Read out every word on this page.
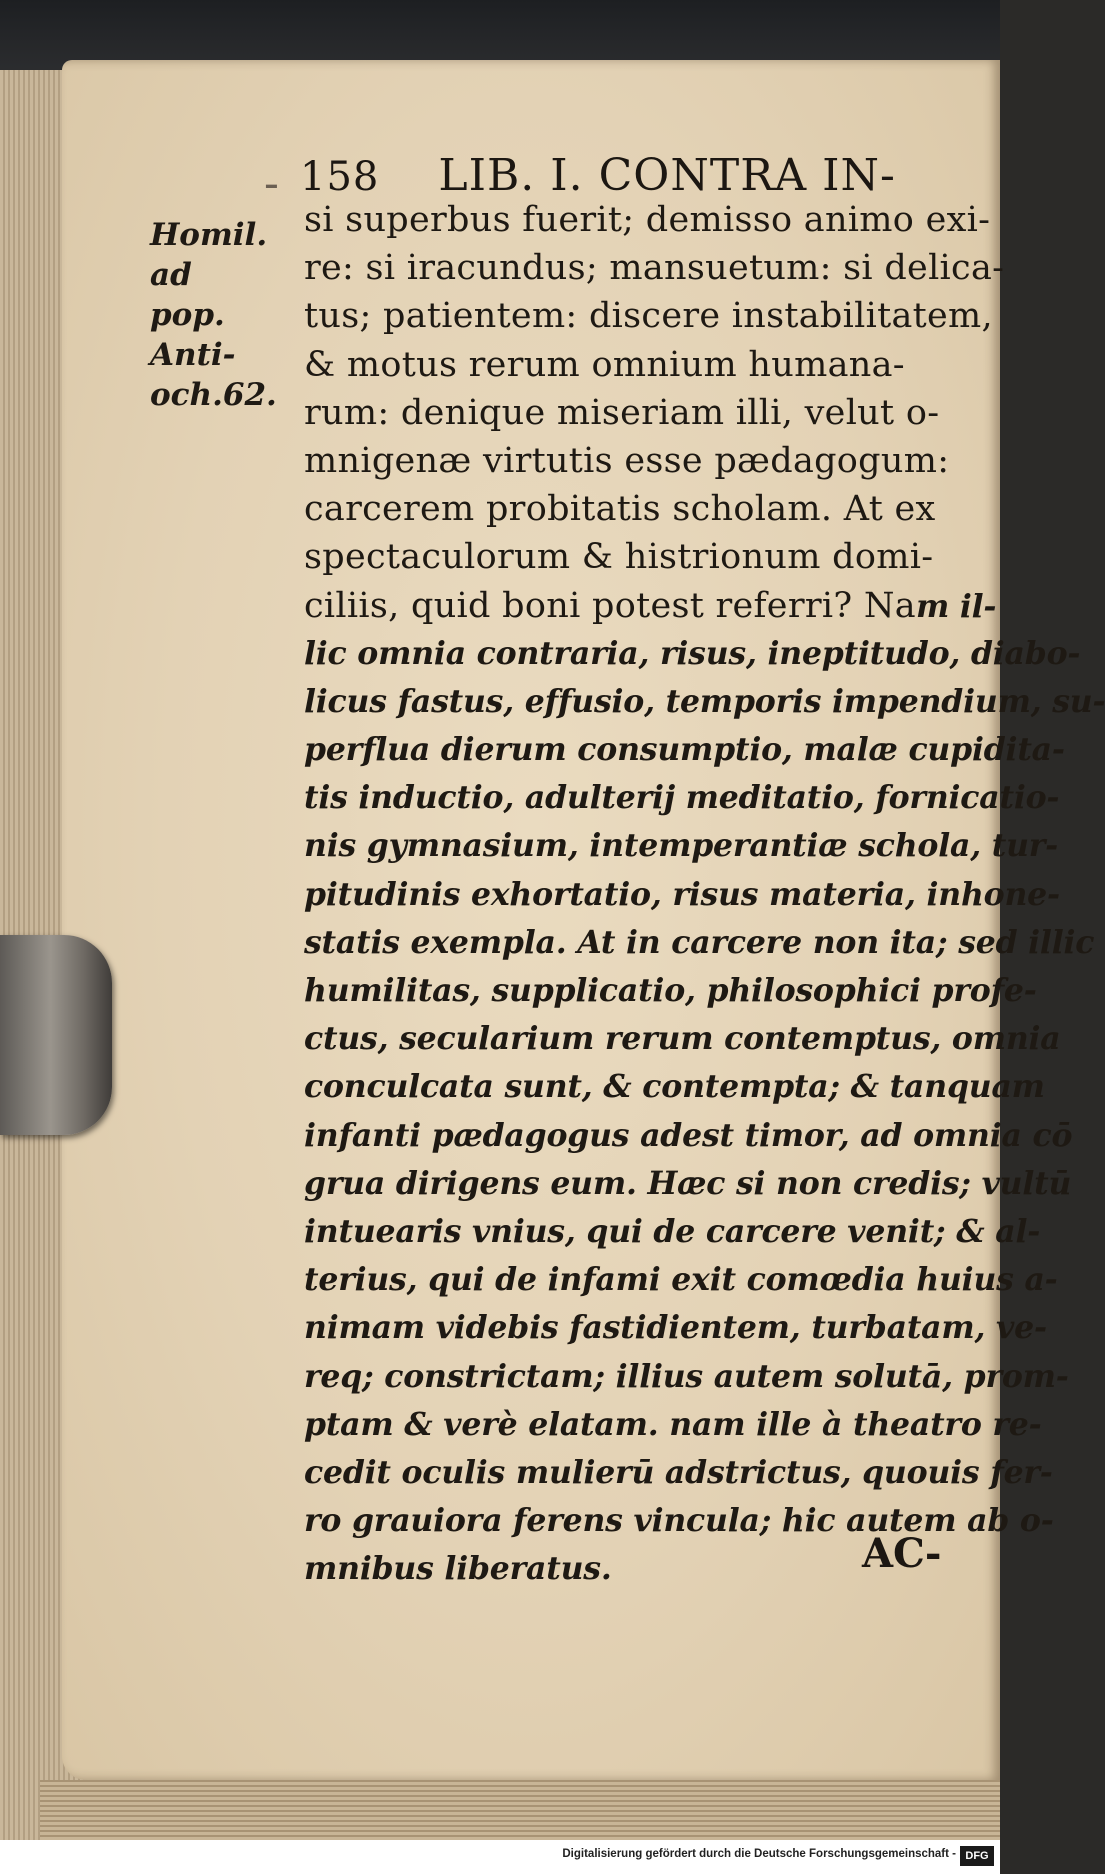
- 158 LIB. I. CONTRA IN-
Homil. ad
pop. Anti-
och.62.
si superbus fuerit; demisso animo exi-
re: si iracundus; mansuetum: si delica-
tus; patientem: discere instabilitatem,
& motus rerum omnium humana-
rum: denique miseriam illi, velut o-
mnigenæ virtutis esse pædagogum:
carcerem probitatis scholam. At ex
spectaculorum & histrionum domi-
ciliis, quid boni potest referri? Nam il-
lic omnia contraria, risus, ineptitudo, diabo-
licus fastus, effusio, temporis impendium, su-
perflua dierum consumptio, malæ cupidita-
tis inductio, adulterij meditatio, fornicatio-
nis gymnasium, intemperantiæ schola, tur-
pitudinis exhortatio, risus materia, inhone-
statis exempla. At in carcere non ita; sed illic
humilitas, supplicatio, philosophici profe-
ctus, secularium rerum contemptus, omnia
conculcata sunt, & contempta; & tanquam
infanti pædagogus adest timor, ad omnia cō
grua dirigens eum. Hæc si non credis; vultū
intuearis vnius, qui de carcere venit; & al-
terius, qui de infami exit comœdia huius a-
nimam videbis fastidientem, turbatam, ve-
req; constrictam; illius autem solutā, prom-
ptam & verè elatam. nam ille à theatro re-
cedit oculis mulierū adstrictus, quouis fer-
ro grauiora ferens vincula; hic autem ab o-
mnibus liberatus.	AC-
Digitalisierung gefördert durch die Deutsche Forschungsgemeinschaft - DFG
